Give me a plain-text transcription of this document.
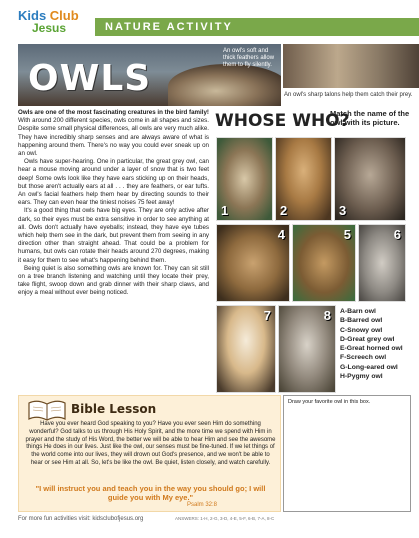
Kids Club
Jesus	NATURE ACTIVITY
OWLS
An owl's soft and thick feathers allow them to fly silently.
An owl's sharp talons help them catch their prey.

Owls are one of the most fascinating creatures in the bird family! With around 200 different species, owls come in all shapes and sizes. Despite some small physical differences, all owls are very much alike. They have incredibly sharp senses and are always aware of what is happening around them. There's no way you could ever sneak up on an owl.

Owls have super-hearing. One in particular, the great grey owl, can hear a mouse moving around under a layer of snow that is two feet deep! Some owls look like they have ears sticking up on their heads, but those aren't actually ears at all . . . they are feathers, or ear tufts. An owl's facial feathers help them hear by directing sounds to their ears. They can even hear the tiniest noises 75 feet away!

It's a good thing that owls have big eyes. They are only active after dark, so their eyes must be extra sensitive in order to see anything at all. Owls don't actually have eyeballs; instead, they have eye tubes which help them see in the dark, but prevent them from seeing in any direction other than straight ahead. That could be a problem for humans, but owls can rotate their heads around 270 degrees, making it easy for them to see what's happening behind them.

Being quiet is also something owls are known for. They can sit still on a tree branch listening and watching until they locate their prey, take flight, swoop down and grab dinner with their sharp claws, and enjoy a meal without ever being noticed.

WHOSE WHO?
Match the name of the owl with its picture.
1	2	3
4	5	6
7	8 A-Barn owl
B-Barred owl
C-Snowy owl
D-Great grey owl
E-Great horned owl
F-Screech owl
G-Long-eared owl
H-Pygmy owl
Bible Lesson
Have you ever heard God speaking to you? Have you ever seen Him do something wonderful? God talks to us through His Holy Spirit, and the more time we spend with Him in prayer and the study of His Word, the better we will be able to hear Him and see the awesome things He does in our lives. Just like the owl, our senses must be fine-tuned. If we let things of the world come into our lives, they will drown out God's presence, and we won't be able to hear or see Him at all. So, let's be like the owl. Be quiet, listen closely, and watch carefully.
"I will instruct you and teach you in the way you should go; I will guide you with My eye."
Psalm 32:8
Draw your favorite owl in this box.
For more fun activities visit: kidsclubofjesus.org	ANSWERS: 1-H, 2-G, 3-D, 4-E, 5-F, 6-B, 7-A, 8-C
